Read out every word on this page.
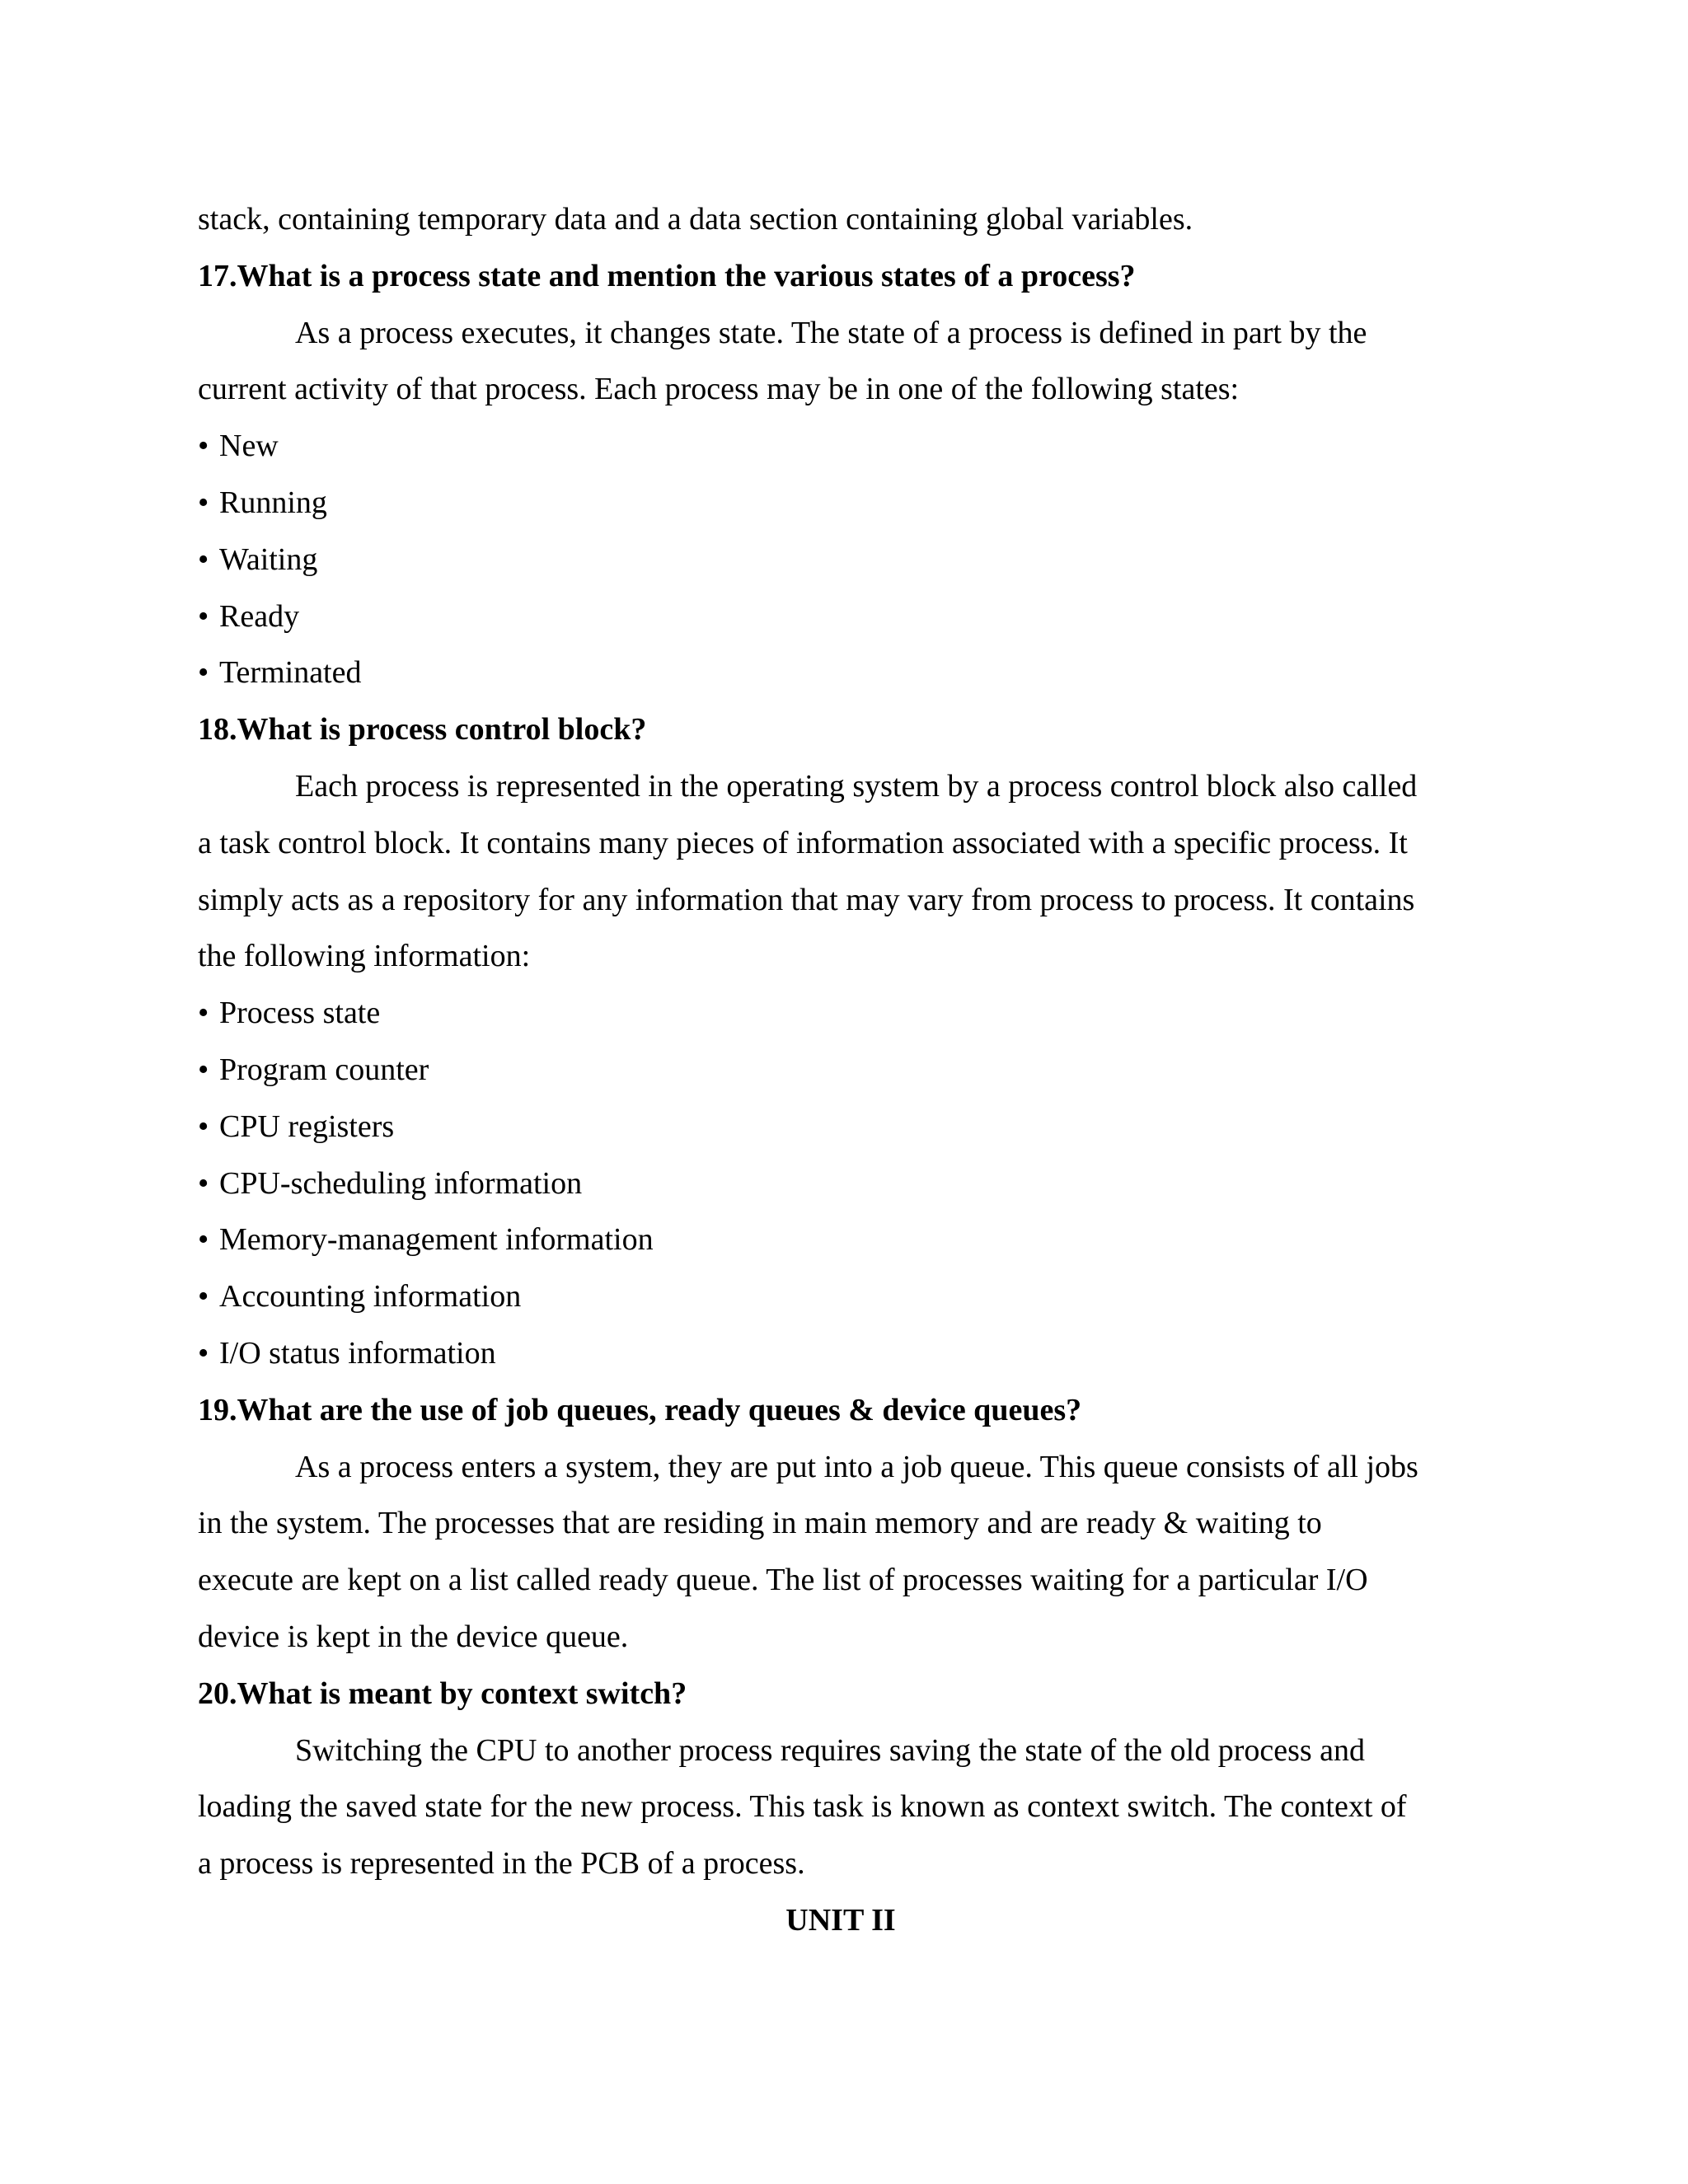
stack, containing temporary data and a data section containing global variables.
17.What is a process state and mention the various states of a process?
As a process executes, it changes state. The state of a process is defined in part by the
current activity of that process. Each process may be in one of the following states:
• New
• Running
• Waiting
• Ready
• Terminated
18.What is process control block?
Each process is represented in the operating system by a process control block also called
a task control block. It contains many pieces of information associated with a specific process. It
simply acts as a repository for any information that may vary from process to process. It contains
the following information:
• Process state
• Program counter
• CPU registers
• CPU-scheduling information
• Memory-management information
• Accounting information
• I/O status information
19.What are the use of job queues, ready queues & device queues?
As a process enters a system, they are put into a job queue. This queue consists of all jobs
in the system. The processes that are residing in main memory and are ready & waiting to
execute are kept on a list called ready queue. The list of processes waiting for a particular I/O
device is kept in the device queue.
20.What is meant by context switch?
Switching the CPU to another process requires saving the state of the old process and
loading the saved state for the new process. This task is known as context switch. The context of
a process is represented in the PCB of a process.
UNIT II
